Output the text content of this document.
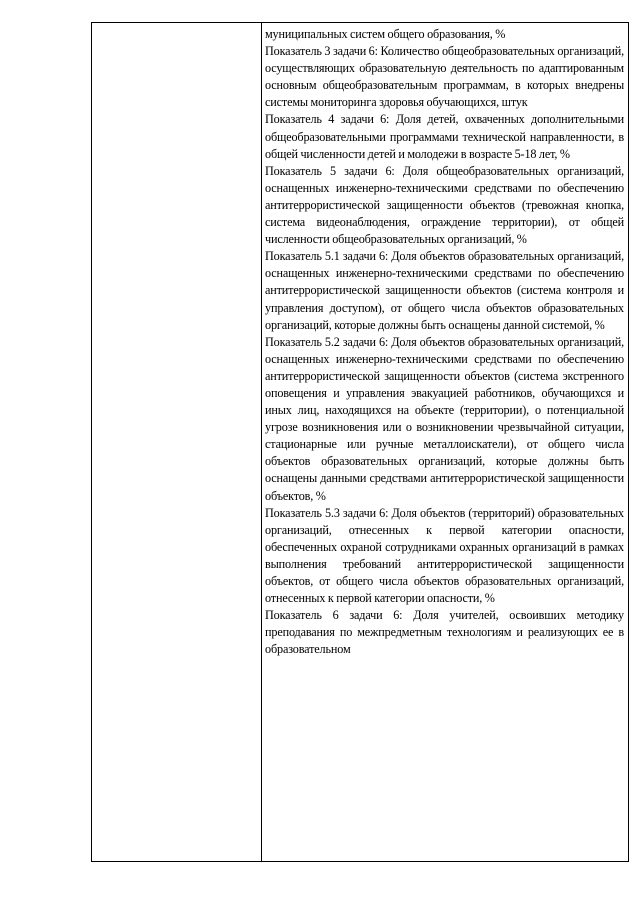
муниципальных систем общего образования, %

Показатель 3 задачи 6: Количество общеобразовательных организаций, осуществляющих образовательную деятельность по адаптированным основным общеобразовательным программам, в которых внедрены системы мониторинга здоровья обучающихся, штук

Показатель 4 задачи 6: Доля детей, охваченных дополнительными общеобразовательными программами технической направленности, в общей численности детей и молодежи в возрасте 5-18 лет, %

Показатель 5 задачи 6: Доля общеобразовательных организаций, оснащенных инженерно-техническими средствами по обеспечению антитеррористической защищенности объектов (тревожная кнопка, система видеонаблюдения, ограждение территории), от общей численности общеобразовательных организаций, %

Показатель 5.1 задачи 6: Доля объектов образовательных организаций, оснащенных инженерно-техническими средствами по обеспечению антитеррористической защищенности объектов (система контроля и управления доступом), от общего числа объектов образовательных организаций, которые должны быть оснащены данной системой, %

Показатель 5.2 задачи 6: Доля объектов образовательных организаций, оснащенных инженерно-техническими средствами по обеспечению антитеррористической защищенности объектов (система экстренного оповещения и управления эвакуацией работников, обучающихся и иных лиц, находящихся на объекте (территории), о потенциальной угрозе возникновения или о возникновении чрезвычайной ситуации, стационарные или ручные металлоискатели), от общего числа объектов образовательных организаций, которые должны быть оснащены данными средствами антитеррористической защищенности объектов, %

Показатель 5.3 задачи 6: Доля объектов (территорий) образовательных организаций, отнесенных к первой категории опасности, обеспеченных охраной сотрудниками охранных организаций в рамках выполнения требований антитеррористической защищенности объектов, от общего числа объектов образовательных организаций, отнесенных к первой категории опасности, %

Показатель 6 задачи 6: Доля учителей, освоивших методику преподавания по межпредметным технологиям и реализующих ее в образовательном
